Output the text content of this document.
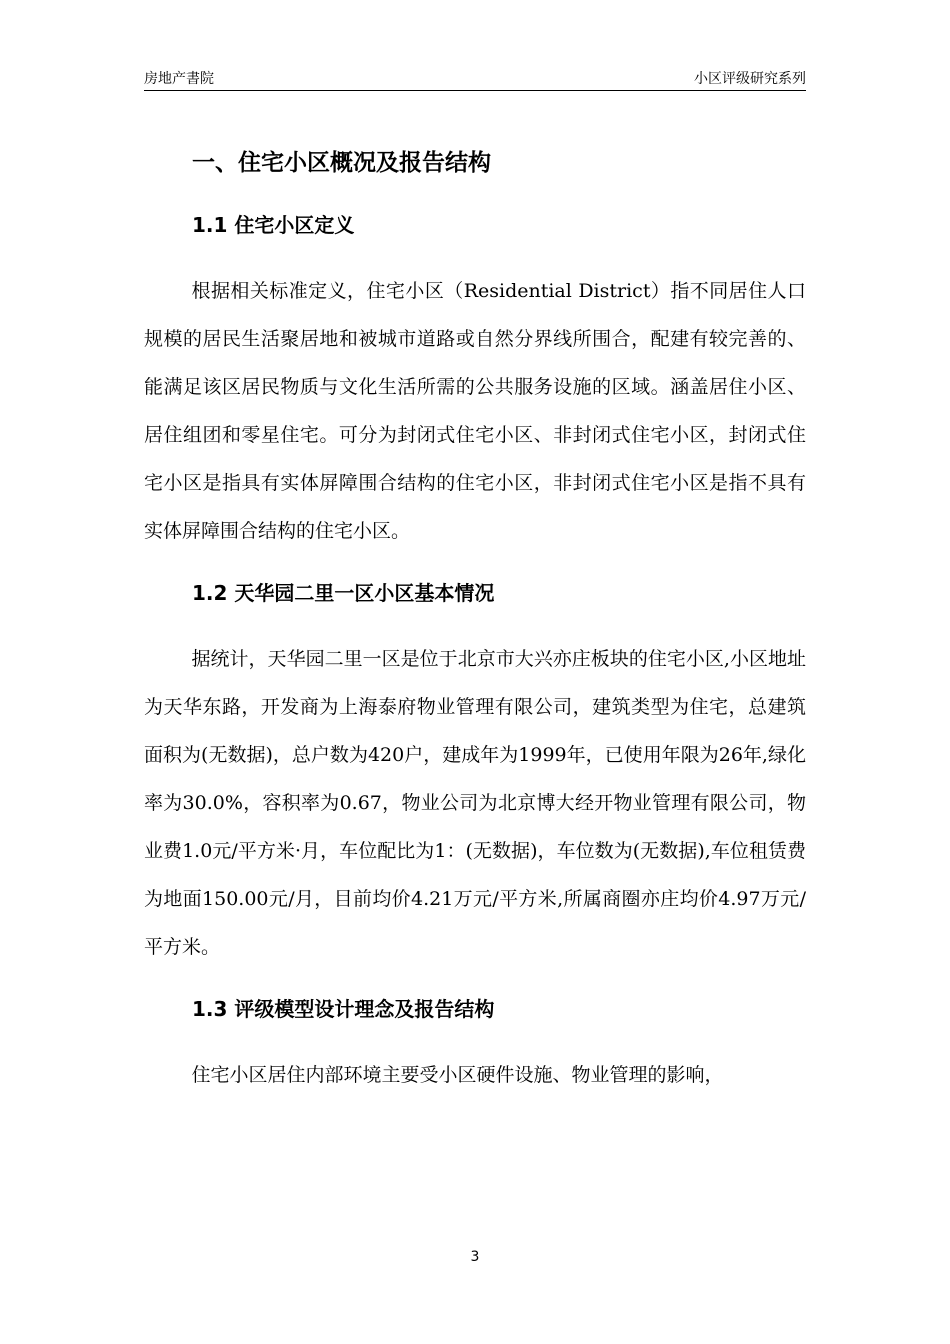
房地产書院	小区评级研究系列
一、住宅小区概况及报告结构
1.1 住宅小区定义

根据相关标准定义，住宅小区（Residential District）指不同居住人口规模的居民生活聚居地和被城市道路或自然分界线所围合，配建有较完善的、能满足该区居民物质与文化生活所需的公共服务设施的区域。涵盖居住小区、居住组团和零星住宅。可分为封闭式住宅小区、非封闭式住宅小区，封闭式住宅小区是指具有实体屏障围合结构的住宅小区，非封闭式住宅小区是指不具有实体屏障围合结构的住宅小区。

1.2 天华园二里一区小区基本情况

据统计，天华园二里一区是位于北京市大兴亦庄板块的住宅小区,小区地址为天华东路，开发商为上海泰府物业管理有限公司，建筑类型为住宅，总建筑面积为(无数据)，总户数为420户，建成年为1999年，已使用年限为26年,绿化率为30.0%，容积率为0.67，物业公司为北京博大经开物业管理有限公司，物业费1.0元/平方米·月，车位配比为1：(无数据)，车位数为(无数据),车位租赁费为地面150.00元/月，目前均价4.21万元/平方米,所属商圈亦庄均价4.97万元/平方米。

1.3 评级模型设计理念及报告结构

住宅小区居住内部环境主要受小区硬件设施、物业管理的影响，

3
